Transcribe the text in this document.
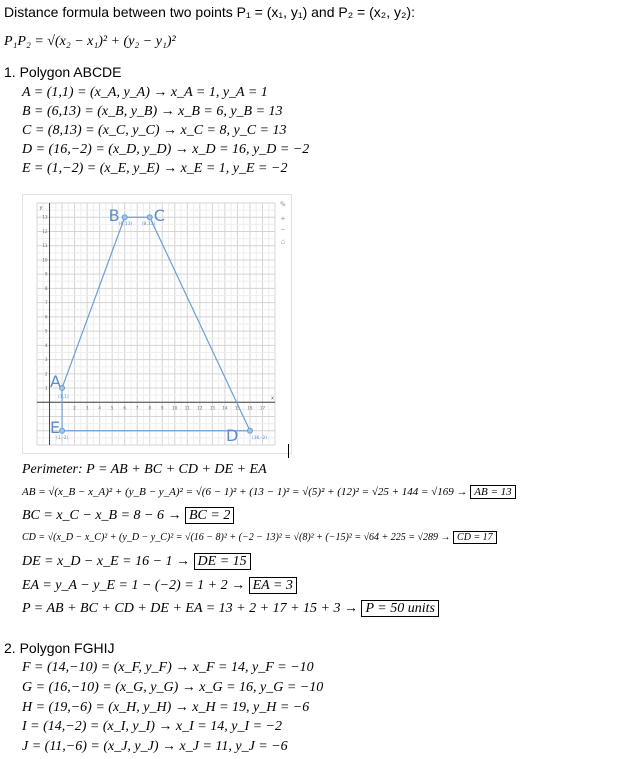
Distance formula between two points P₁ = (x₁, y₁) and P₂ = (x₂, y₂):
P₁P₂ = √(x₂ − x₁)² + (y₂ − y₁)²
1. Polygon ABCDE
A = (1,1) = (x_A, y_A) → x_A = 1, y_A = 1
B = (6,13) = (x_B, y_B) → x_B = 6, y_B = 13
C = (8,13) = (x_C, y_C) → x_C = 8, y_C = 13
D = (16,−2) = (x_D, y_D) → x_D = 16, y_D = −2
E = (1,−2) = (x_E, y_E) → x_E = 1, y_E = −2
x
y
1 2 3 4 5 6 7 8 9 10 11 12 13 14 15 16 17
1
2
3
4
5
6
7
8
9
10
11
12
13
A
(1,1)
B (6,13) C
(8,13)
D	(16,-2)
E
(1,-2)
✎
+
−
⌂
Perimeter: P = AB + BC + CD + DE + EA
AB = √(x_B − x_A)² + (y_B − y_A)² = √(6 − 1)² + (13 − 1)² = √(5)² + (12)² = √25 + 144 = √169 → AB = 13
BC = x_C − x_B = 8 − 6 → BC = 2
CD = √(x_D − x_C)² + (y_D − y_C)² = √(16 − 8)² + (−2 − 13)² = √(8)² + (−15)² = √64 + 225 = √289 → CD = 17
DE = x_D − x_E = 16 − 1 → DE = 15
EA = y_A − y_E = 1 − (−2) = 1 + 2 → EA = 3
P = AB + BC + CD + DE + EA = 13 + 2 + 17 + 15 + 3 → P = 50 units
2. Polygon FGHIJ
F = (14,−10) = (x_F, y_F) → x_F = 14, y_F = −10
G = (16,−10) = (x_G, y_G) → x_G = 16, y_G = −10
H = (19,−6) = (x_H, y_H) → x_H = 19, y_H = −6
I = (14,−2) = (x_I, y_I) → x_I = 14, y_I = −2
J = (11,−6) = (x_J, y_J) → x_J = 11, y_J = −6
